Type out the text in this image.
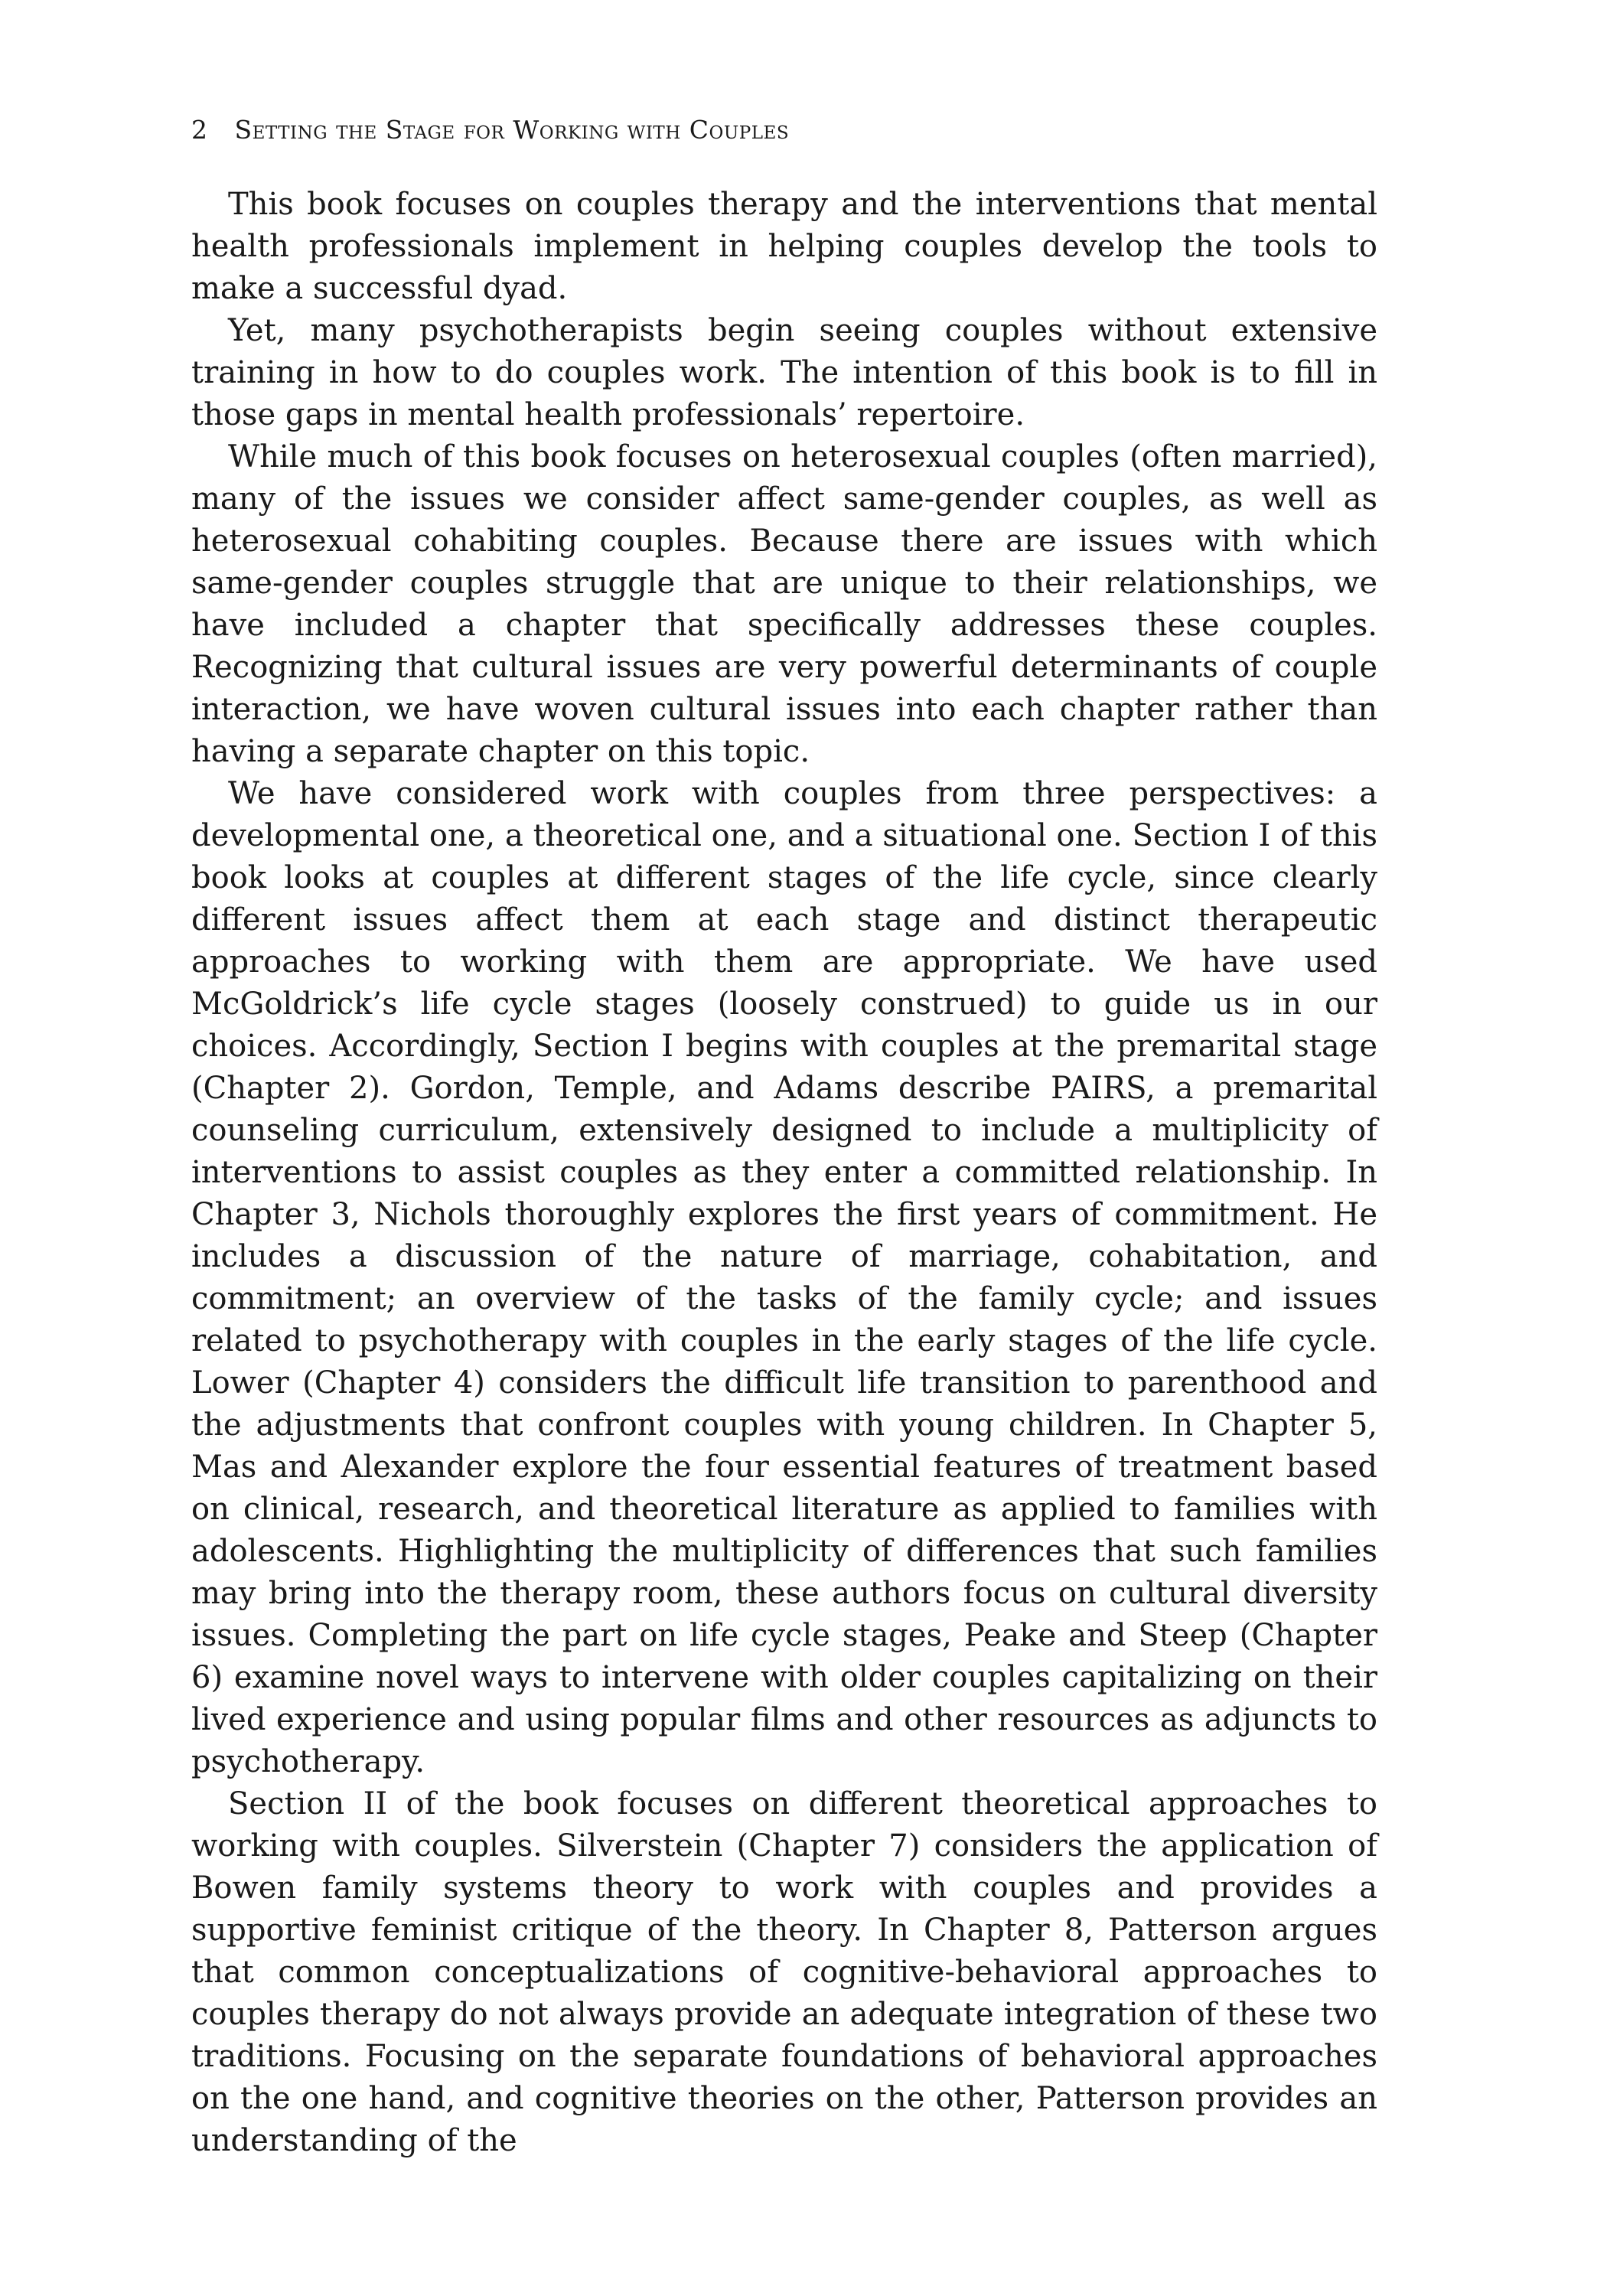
2 Setting the Stage for Working with Couples

This book focuses on couples therapy and the interventions that mental health professionals implement in helping couples develop the tools to make a successful dyad.

Yet, many psychotherapists begin seeing couples without extensive training in how to do couples work. The intention of this book is to fill in those gaps in mental health professionals’ repertoire.

While much of this book focuses on heterosexual couples (often married), many of the issues we consider affect same-gender couples, as well as heterosexual cohabiting couples. Because there are issues with which same-gender couples struggle that are unique to their relationships, we have included a chapter that specifically addresses these couples. Recognizing that cultural issues are very powerful determinants of couple interaction, we have woven cultural issues into each chapter rather than having a separate chapter on this topic.

We have considered work with couples from three perspectives: a developmental one, a theoretical one, and a situational one. Section I of this book looks at couples at different stages of the life cycle, since clearly different issues affect them at each stage and distinct therapeutic approaches to working with them are appropriate. We have used McGoldrick’s life cycle stages (loosely construed) to guide us in our choices. Accordingly, Section I begins with couples at the premarital stage (Chapter 2). Gordon, Temple, and Adams describe PAIRS, a premarital counseling curriculum, extensively designed to include a multiplicity of interventions to assist couples as they enter a committed relationship. In Chapter 3, Nichols thoroughly explores the first years of commitment. He includes a discussion of the nature of marriage, cohabitation, and commitment; an overview of the tasks of the family cycle; and issues related to psychotherapy with couples in the early stages of the life cycle. Lower (Chapter 4) considers the difficult life transition to parenthood and the adjustments that confront couples with young children. In Chapter 5, Mas and Alexander explore the four essential features of treatment based on clinical, research, and theoretical literature as applied to families with adolescents. Highlighting the multiplicity of differences that such families may bring into the therapy room, these authors focus on cultural diversity issues. Completing the part on life cycle stages, Peake and Steep (Chapter 6) examine novel ways to intervene with older couples capitalizing on their lived experience and using popular films and other resources as adjuncts to psychotherapy.

Section II of the book focuses on different theoretical approaches to working with couples. Silverstein (Chapter 7) considers the application of Bowen family systems theory to work with couples and provides a supportive feminist critique of the theory. In Chapter 8, Patterson argues that common conceptualizations of cognitive-behavioral approaches to couples therapy do not always provide an adequate integration of these two traditions. Focusing on the separate foundations of behavioral approaches on the one hand, and cognitive theories on the other, Patterson provides an understanding of the
